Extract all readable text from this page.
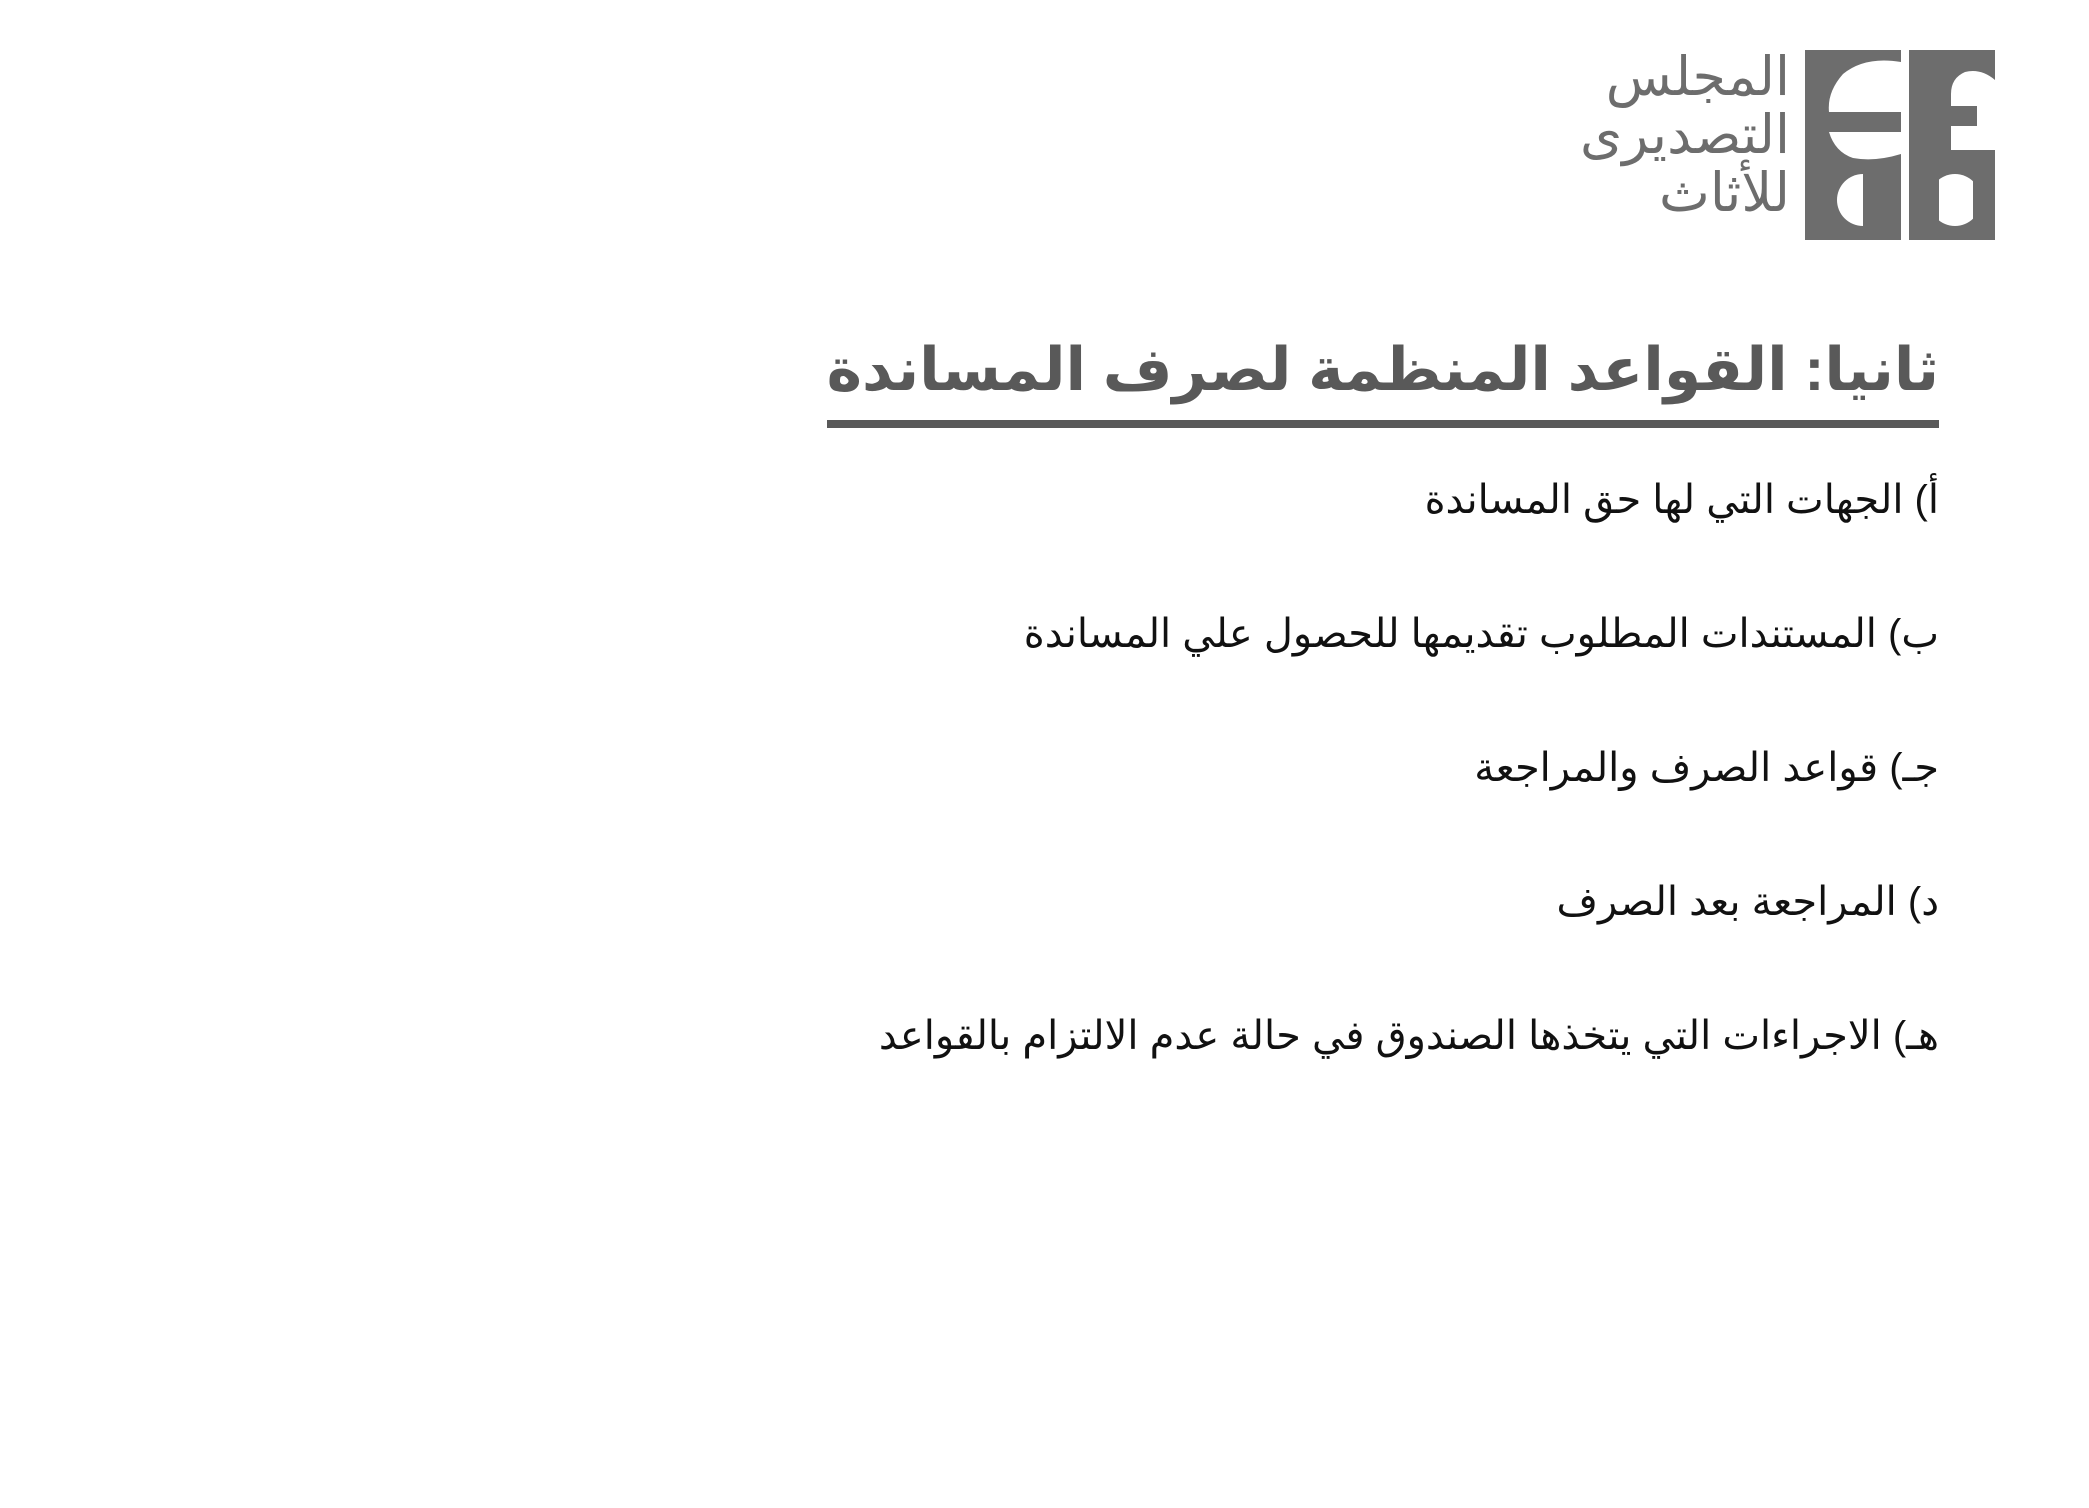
المجلس
التصديرى
للأثاث
ثانيا: القواعد المنظمة لصرف المساندة
أ) الجهات التي لها حق المساندة
ب) المستندات المطلوب تقديمها للحصول علي المساندة
جـ) قواعد الصرف والمراجعة
د) المراجعة بعد الصرف
هـ) الاجراءات التي يتخذها الصندوق في حالة عدم الالتزام بالقواعد
